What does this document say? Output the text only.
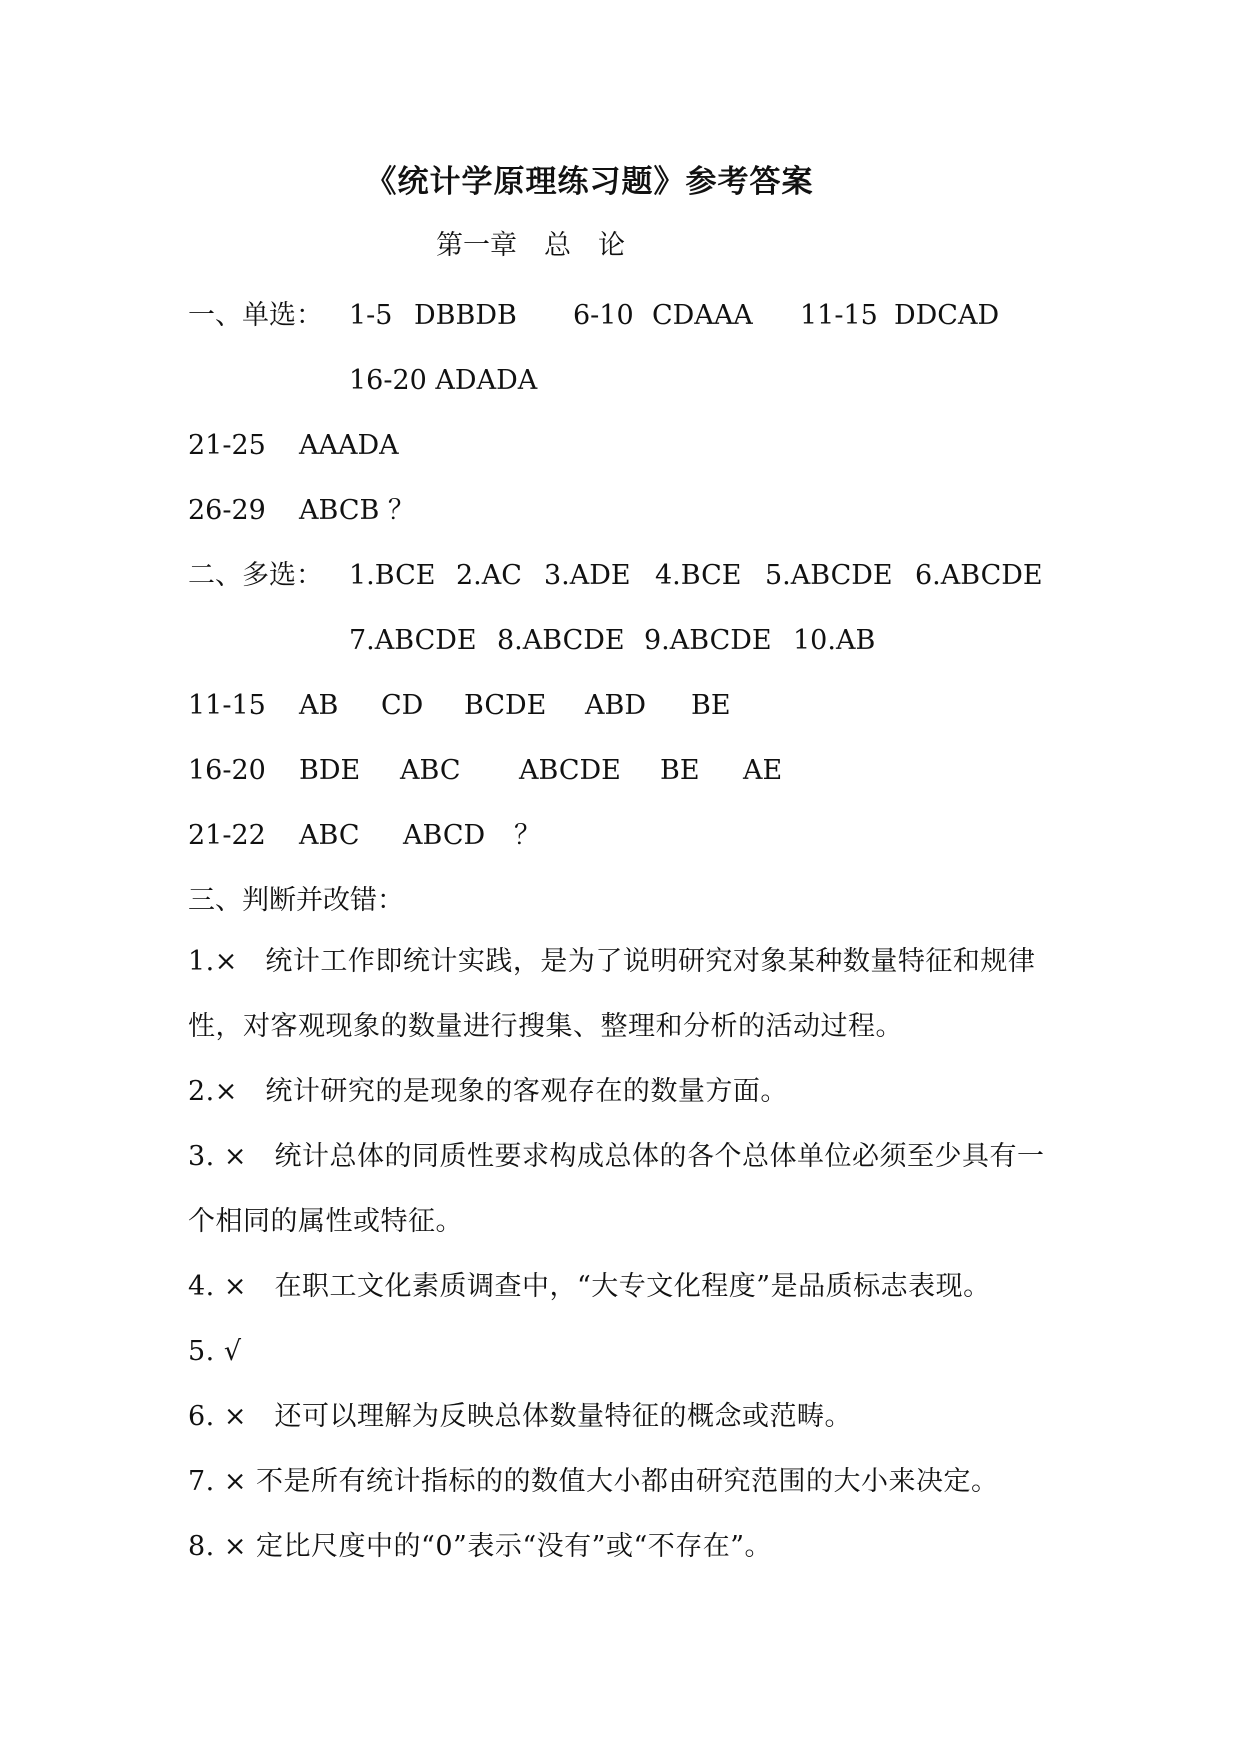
《统计学原理练习题》参考答案
第一章　总　论

一、单选：

1-5

DBBDB

6-10

CDAAA

11-15

DDCAD

16-20 ADADA

21-25

AAADA

26-29

ABCB ？

二、多选：

1.BCE

2.AC

3.ADE

4.BCE

5.ABCDE

6.ABCDE

7.ABCDE

8.ABCDE

9.ABCDE

10.AB

11-15

AB

CD

BCDE

ABD

BE

16-20

BDE

ABC

ABCDE

BE

AE

21-22

ABC

ABCD

？

三、判断并改错：
1.×　统计工作即统计实践，是为了说明研究对象某种数量特征和规律性，对客观现象的数量进行搜集、整理和分析的活动过程。
2.×　统计研究的是现象的客观存在的数量方面。
3. ×　统计总体的同质性要求构成总体的各个总体单位必须至少具有一个相同的属性或特征。
4. ×　在职工文化素质调查中，“大专文化程度”是品质标志表现。
5. √
6. ×　还可以理解为反映总体数量特征的概念或范畴。
7. × 不是所有统计指标的的数值大小都由研究范围的大小来决定。
8. × 定比尺度中的“0”表示“没有”或“不存在”。
